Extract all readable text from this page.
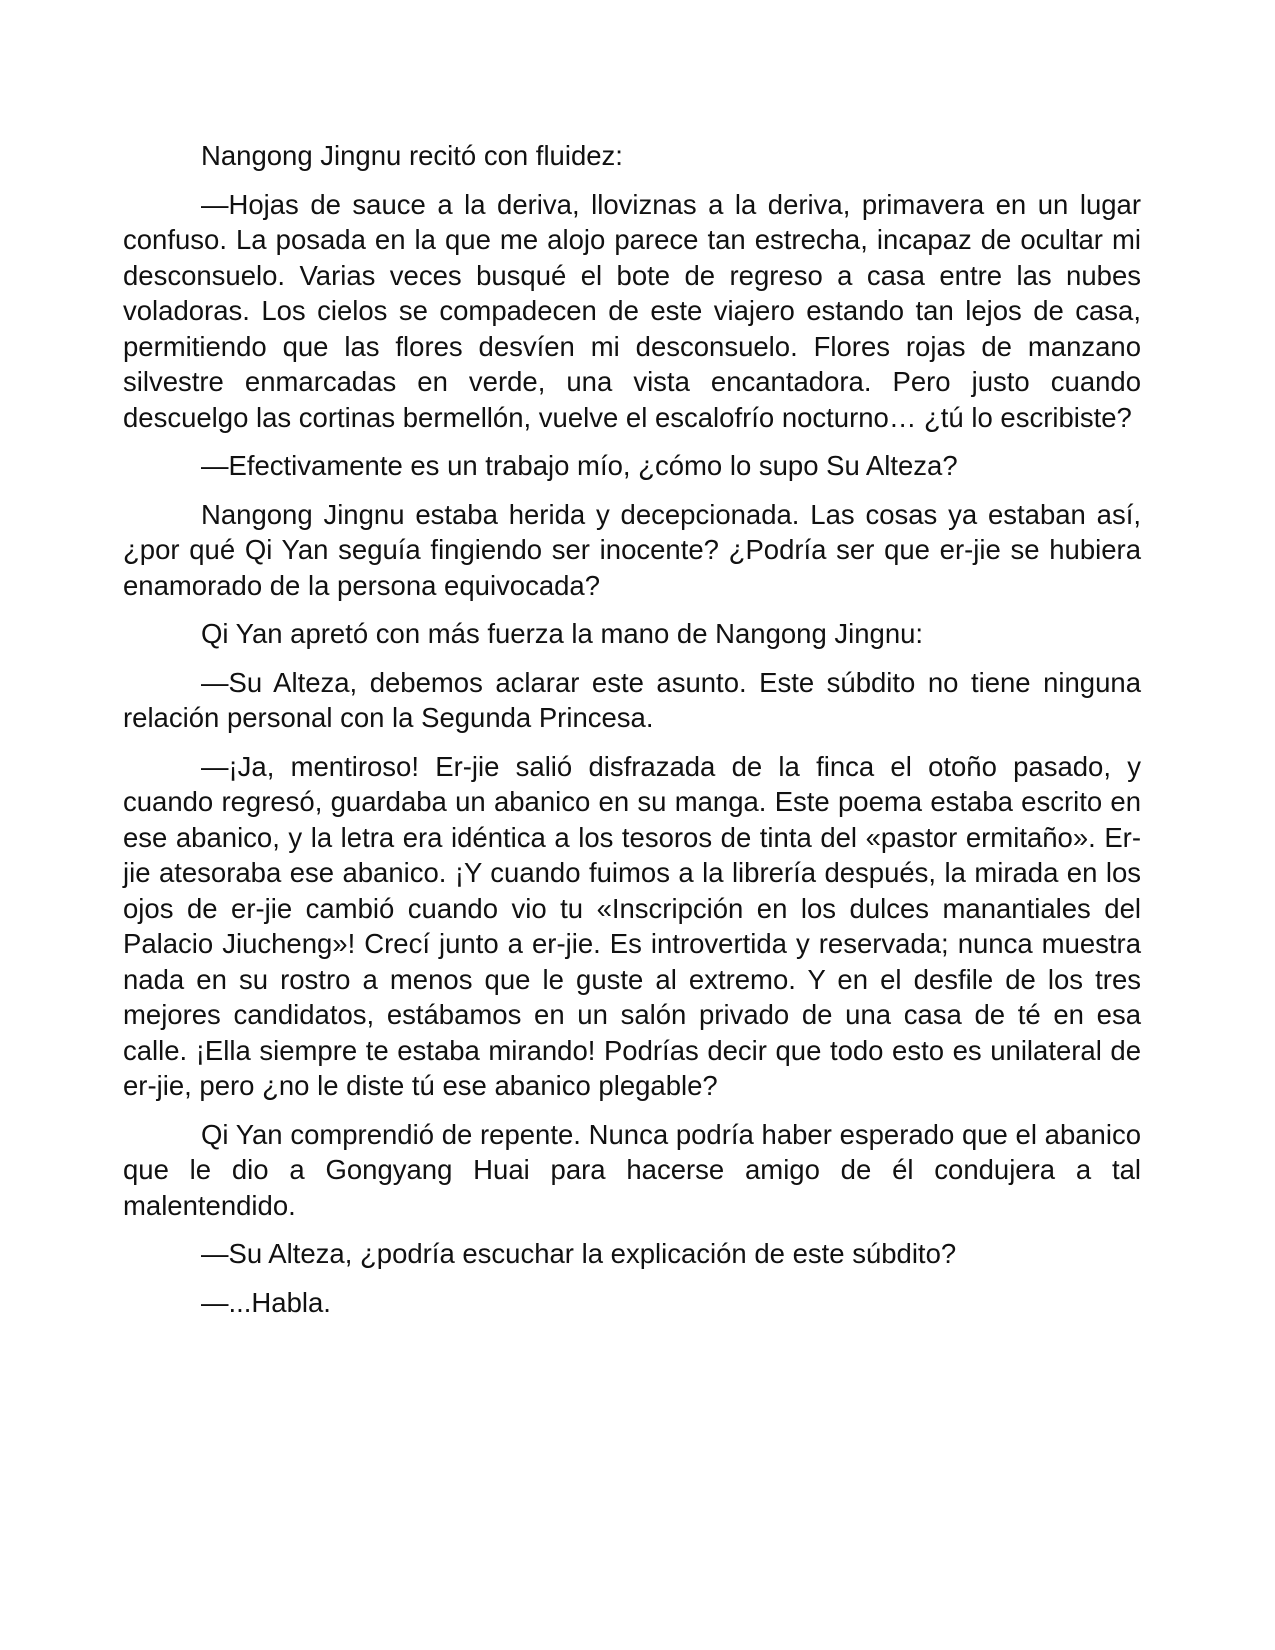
Nangong Jingnu recitó con fluidez:

—Hojas de sauce a la deriva, lloviznas a la deriva, primavera en un lugar confuso. La posada en la que me alojo parece tan estrecha, incapaz de ocultar mi desconsuelo. Varias veces busqué el bote de regreso a casa entre las nubes voladoras. Los cielos se compadecen de este viajero estando tan lejos de casa, permitiendo que las flores desvíen mi desconsuelo. Flores rojas de manzano silvestre enmarcadas en verde, una vista encantadora. Pero justo cuando descuelgo las cortinas bermellón, vuelve el escalofrío nocturno… ¿tú lo escribiste?

—Efectivamente es un trabajo mío, ¿cómo lo supo Su Alteza?

Nangong Jingnu estaba herida y decepcionada. Las cosas ya estaban así, ¿por qué Qi Yan seguía fingiendo ser inocente? ¿Podría ser que er-jie se hubiera enamorado de la persona equivocada?

Qi Yan apretó con más fuerza la mano de Nangong Jingnu:

—Su Alteza, debemos aclarar este asunto. Este súbdito no tiene ninguna relación personal con la Segunda Princesa.

—¡Ja, mentiroso! Er-jie salió disfrazada de la finca el otoño pasado, y cuando regresó, guardaba un abanico en su manga. Este poema estaba escrito en ese abanico, y la letra era idéntica a los tesoros de tinta del «pastor ermitaño». Er-jie atesoraba ese abanico. ¡Y cuando fuimos a la librería después, la mirada en los ojos de er-jie cambió cuando vio tu «Inscripción en los dulces manantiales del Palacio Jiucheng»! Crecí junto a er-jie. Es introvertida y reservada; nunca muestra nada en su rostro a menos que le guste al extremo. Y en el desfile de los tres mejores candidatos, estábamos en un salón privado de una casa de té en esa calle. ¡Ella siempre te estaba mirando! Podrías decir que todo esto es unilateral de er-jie, pero ¿no le diste tú ese abanico plegable?

Qi Yan comprendió de repente. Nunca podría haber esperado que el abanico que le dio a Gongyang Huai para hacerse amigo de él condujera a tal malentendido.

—Su Alteza, ¿podría escuchar la explicación de este súbdito?

—...Habla.
